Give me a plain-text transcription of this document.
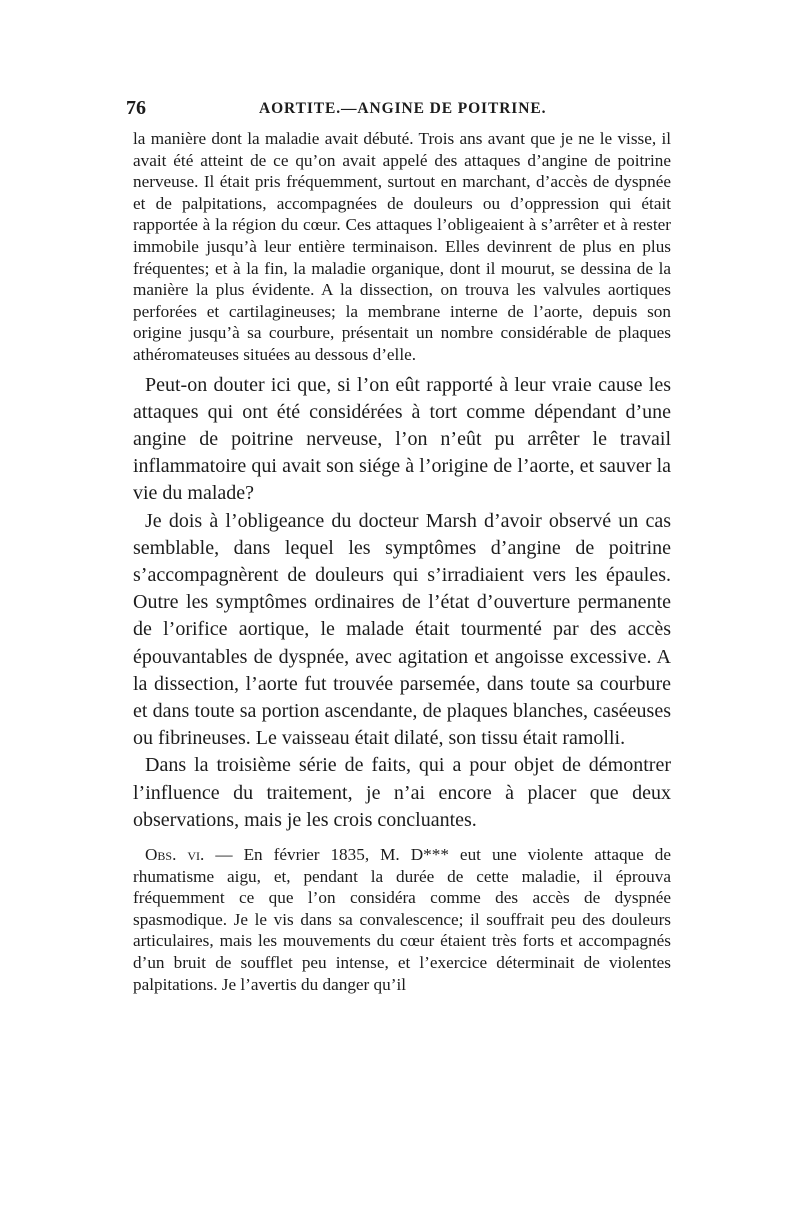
76	AORTITE.—ANGINE DE POITRINE.

la manière dont la maladie avait débuté. Trois ans avant que je ne le visse, il avait été atteint de ce qu’on avait appelé des attaques d’angine de poitrine nerveuse. Il était pris fréquemment, surtout en marchant, d’accès de dyspnée et de palpitations, accompagnées de douleurs ou d’oppression qui était rapportée à la région du cœur. Ces attaques l’obligeaient à s’arrêter et à rester immobile jusqu’à leur entière terminaison. Elles devinrent de plus en plus fréquentes; et à la fin, la maladie organique, dont il mourut, se dessina de la manière la plus évidente. A la dissection, on trouva les valvules aortiques perforées et cartilagineuses; la membrane interne de l’aorte, depuis son origine jusqu’à sa courbure, présentait un nombre considérable de plaques athéromateuses situées au dessous d’elle.

Peut-on douter ici que, si l’on eût rapporté à leur vraie cause les attaques qui ont été considérées à tort comme dépendant d’une angine de poitrine nerveuse, l’on n’eût pu arrêter le travail inflammatoire qui avait son siége à l’origine de l’aorte, et sauver la vie du malade?

Je dois à l’obligeance du docteur Marsh d’avoir observé un cas semblable, dans lequel les symptômes d’angine de poitrine s’accompagnèrent de douleurs qui s’irradiaient vers les épaules. Outre les symptômes ordinaires de l’état d’ouverture permanente de l’orifice aortique, le malade était tourmenté par des accès épouvantables de dyspnée, avec agitation et angoisse excessive. A la dissection, l’aorte fut trouvée parsemée, dans toute sa courbure et dans toute sa portion ascendante, de plaques blanches, caséeuses ou fibrineuses. Le vaisseau était dilaté, son tissu était ramolli.

Dans la troisième série de faits, qui a pour objet de démontrer l’influence du traitement, je n’ai encore à placer que deux observations, mais je les crois concluantes.

Obs. vi. — En février 1835, M. D*** eut une violente attaque de rhumatisme aigu, et, pendant la durée de cette maladie, il éprouva fréquemment ce que l’on considéra comme des accès de dyspnée spasmodique. Je le vis dans sa convalescence; il souffrait peu des douleurs articulaires, mais les mouvements du cœur étaient très forts et accompagnés d’un bruit de soufflet peu intense, et l’exercice déterminait de violentes palpitations. Je l’avertis du danger qu’il
